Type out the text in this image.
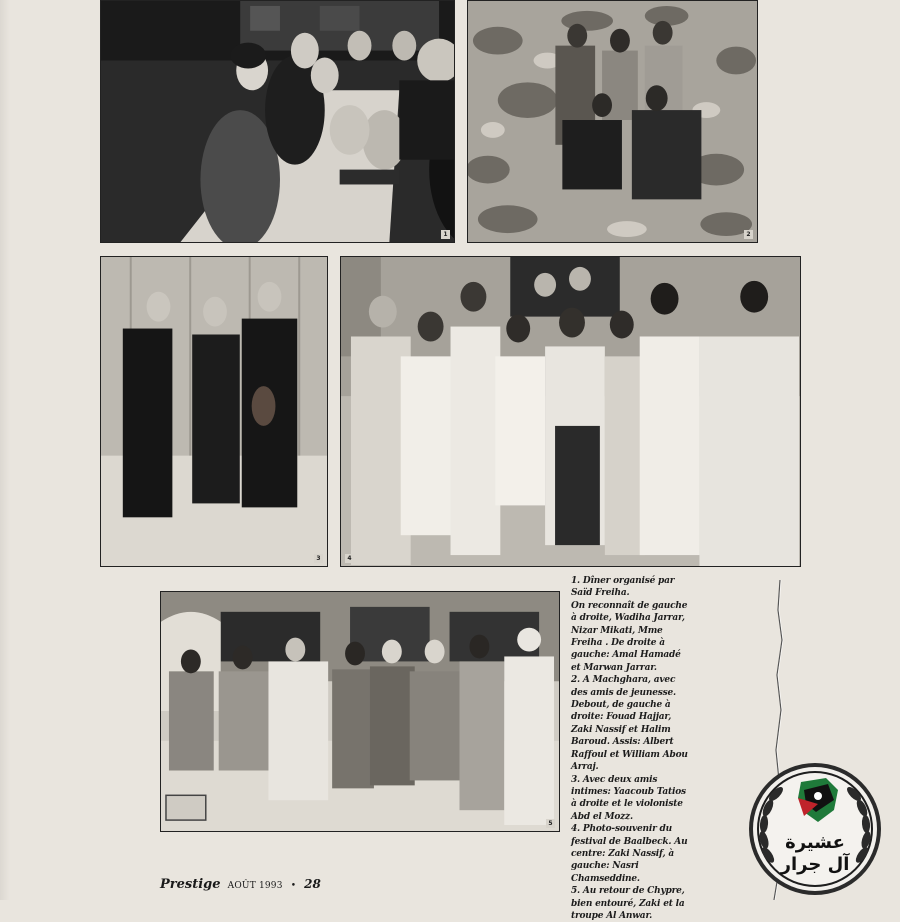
1	2
3	4
5

1. Dîner organisé par Saïd Freiha.

On reconnaît de gauche à droite, Wadiha Jarrar, Nizar Mikati, Mme Freiha . De droite à gauche: Amal Hamadé et Marwan Jarrar.

2. A Machghara, avec des amis de jeunesse. Debout, de gauche à droite: Fouad Hajjar, Zaki Nassif et Halim Baroud. Assis: Albert Raffoul et William Abou Arraj.

3. Avec deux amis intimes: Yaacoub Tatios à droite et le violoniste Abd el Mozz.

4. Photo-souvenir du festival de Baalbeck. Au centre: Zaki Nassif, à gauche: Nasri Chamseddine.

5. Au retour de Chypre, bien entouré, Zaki et la troupe Al Anwar.

Prestige AOÛT 1993 • 28
عشيرة
آل جرار
